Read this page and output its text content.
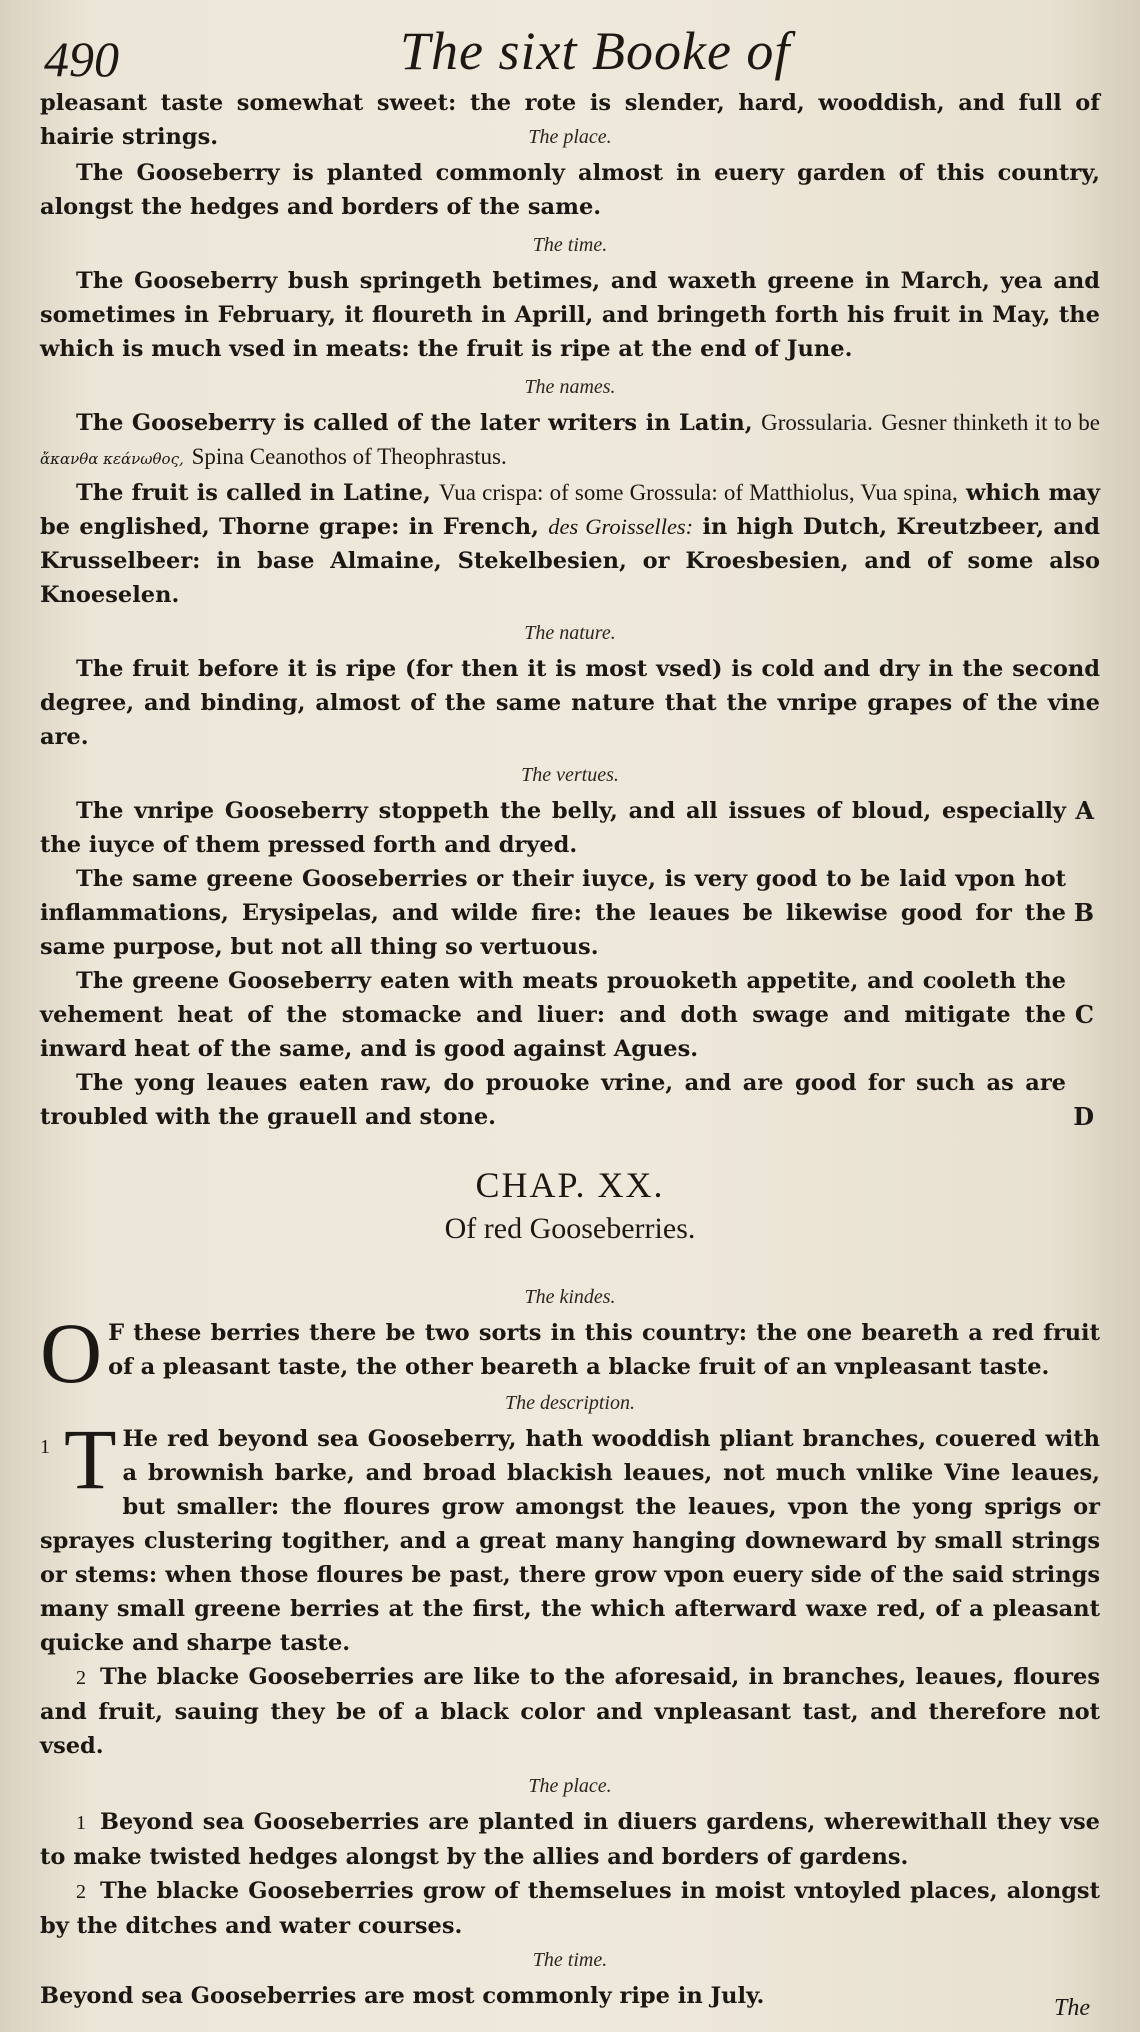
490	The sixt Booke of

pleasant taste somewhat sweet: the rote is slender, hard, wooddish, and full of hairie strings.	The place.

The Gooseberry is planted commonly almost in euery garden of this country, alongst the hedges and borders of the same.

The time.

The Gooseberry bush springeth betimes, and waxeth greene in March, yea and sometimes in February, it floureth in Aprill, and bringeth forth his fruit in May, the which is much vsed in meats: the fruit is ripe at the end of June.

The names.

The Gooseberry is called of the later writers in Latin, Grossularia. Gesner thinketh it to be ἄκανθα κεάνωθος, Spina Ceanothos of Theophrastus.

The fruit is called in Latine, Vua crispa: of some Grossula: of Matthiolus, Vua spina, which may be englished, Thorne grape: in French, des Groisselles: in high Dutch, Kreutzbeer, and Krusselbeer: in base Almaine, Stekelbesien, or Kroesbesien, and of some also Knoeselen.

The nature.

The fruit before it is ripe (for then it is most vsed) is cold and dry in the second degree, and binding, almost of the same nature that the vnripe grapes of the vine are.

The vertues.

The vnripe Gooseberry stoppeth the belly, and all issues of bloud, especially the iuyce of them pressed forth and dryed.

A

The same greene Gooseberries or their iuyce, is very good to be laid vpon hot inflammations, Erysipelas, and wilde fire: the leaues be likewise good for the same purpose, but not all thing so vertuous.

B

The greene Gooseberry eaten with meats prouoketh appetite, and cooleth the vehement heat of the stomacke and liuer: and doth swage and mitigate the inward heat of the same, and is good against Agues.

C

The yong leaues eaten raw, do prouoke vrine, and are good for such as are troubled with the grauell and stone.	D

CHAP. XX.

Of red Gooseberries.

The kindes.

O F these berries there be two sorts in this country: the one beareth a red fruit of a pleasant taste, the other beareth a blacke fruit of an vnpleasant taste.

The description.

1 T He red beyond sea Gooseberry, hath wooddish pliant branches, couered with a brownish barke, and broad blackish leaues, not much vnlike Vine leaues, but smaller: the floures grow amongst the leaues, vpon the yong sprigs or sprayes clustering togither, and a great many hanging downeward by small strings or stems: when those floures be past, there grow vpon euery side of the said strings many small greene berries at the first, the which afterward waxe red, of a pleasant quicke and sharpe taste.

2 The blacke Gooseberries are like to the aforesaid, in branches, leaues, floures and fruit, sauing they be of a black color and vnpleasant tast, and therefore not vsed.

The place.

1 Beyond sea Gooseberries are planted in diuers gardens, wherewithall they vse to make twisted hedges alongst by the allies and borders of gardens.

2 The blacke Gooseberries grow of themselues in moist vntoyled places, alongst by the ditches and water courses.

The time.

Beyond sea Gooseberries are most commonly ripe in July.	The
